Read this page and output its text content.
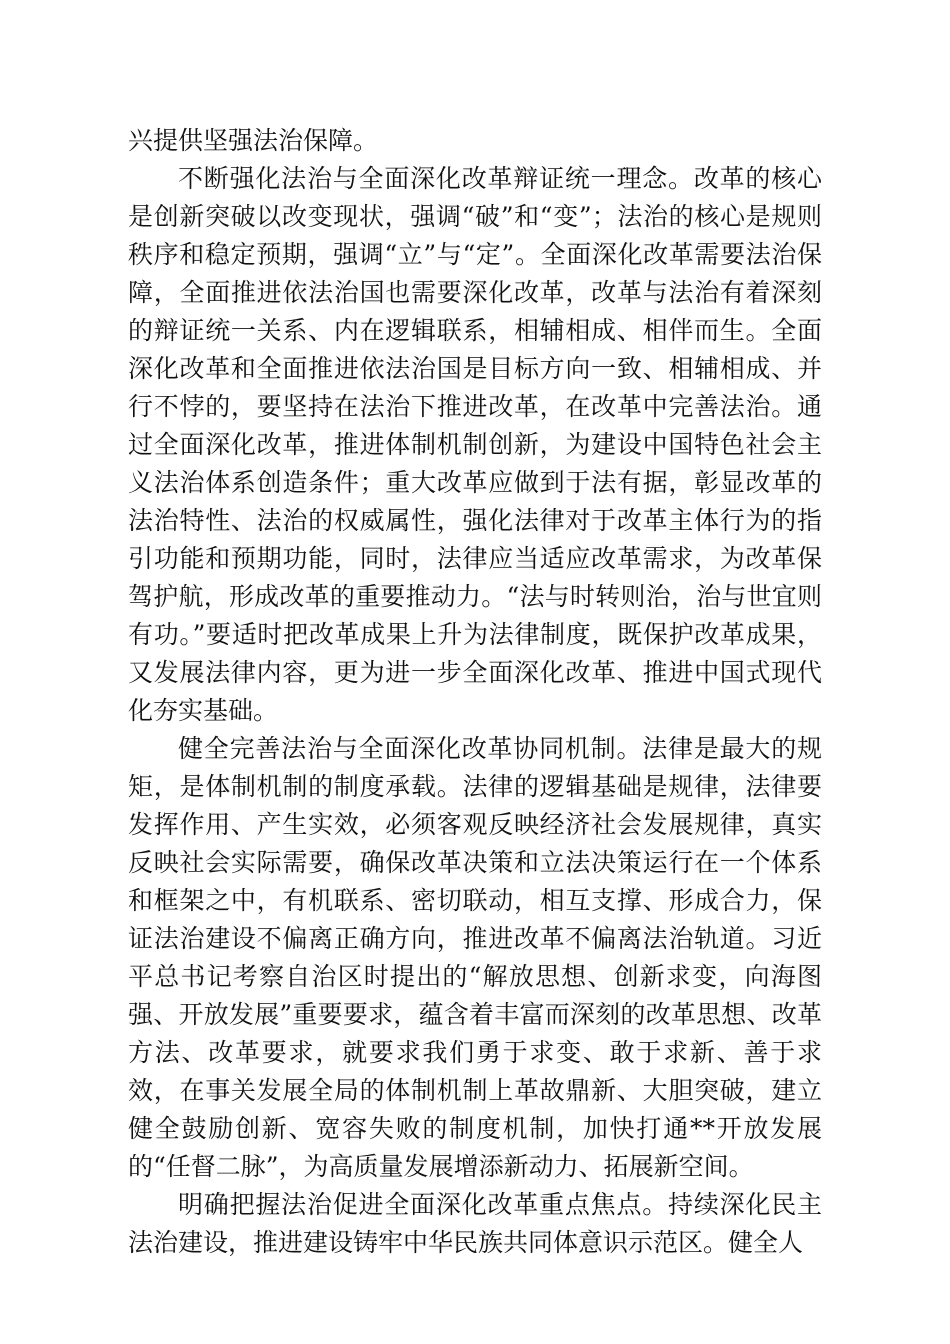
兴提供坚强法治保障。

不断强化法治与全面深化改革辩证统一理念。改革的核心是创新突破以改变现状，强调“破”和“变”；法治的核心是规则秩序和稳定预期，强调“立”与“定”。全面深化改革需要法治保障，全面推进依法治国也需要深化改革，改革与法治有着深刻的辩证统一关系、内在逻辑联系，相辅相成、相伴而生。全面深化改革和全面推进依法治国是目标方向一致、相辅相成、并行不悖的，要坚持在法治下推进改革，在改革中完善法治。通过全面深化改革，推进体制机制创新，为建设中国特色社会主义法治体系创造条件；重大改革应做到于法有据，彰显改革的法治特性、法治的权威属性，强化法律对于改革主体行为的指引功能和预期功能，同时，法律应当适应改革需求，为改革保驾护航，形成改革的重要推动力。“法与时转则治，治与世宜则有功。”要适时把改革成果上升为法律制度，既保护改革成果，又发展法律内容，更为进一步全面深化改革、推进中国式现代化夯实基础。

健全完善法治与全面深化改革协同机制。法律是最大的规矩，是体制机制的制度承载。法律的逻辑基础是规律，法律要发挥作用、产生实效，必须客观反映经济社会发展规律，真实反映社会实际需要，确保改革决策和立法决策运行在一个体系和框架之中，有机联系、密切联动，相互支撑、形成合力，保证法治建设不偏离正确方向，推进改革不偏离法治轨道。习近平总书记考察自治区时提出的“解放思想、创新求变，向海图强、开放发展”重要要求，蕴含着丰富而深刻的改革思想、改革方法、改革要求，就要求我们勇于求变、敢于求新、善于求效，在事关发展全局的体制机制上革故鼎新、大胆突破，建立健全鼓励创新、宽容失败的制度机制，加快打通**开放发展的“任督二脉”，为高质量发展增添新动力、拓展新空间。

明确把握法治促进全面深化改革重点焦点。持续深化民主法治建设，推进建设铸牢中华民族共同体意识示范区。健全人
